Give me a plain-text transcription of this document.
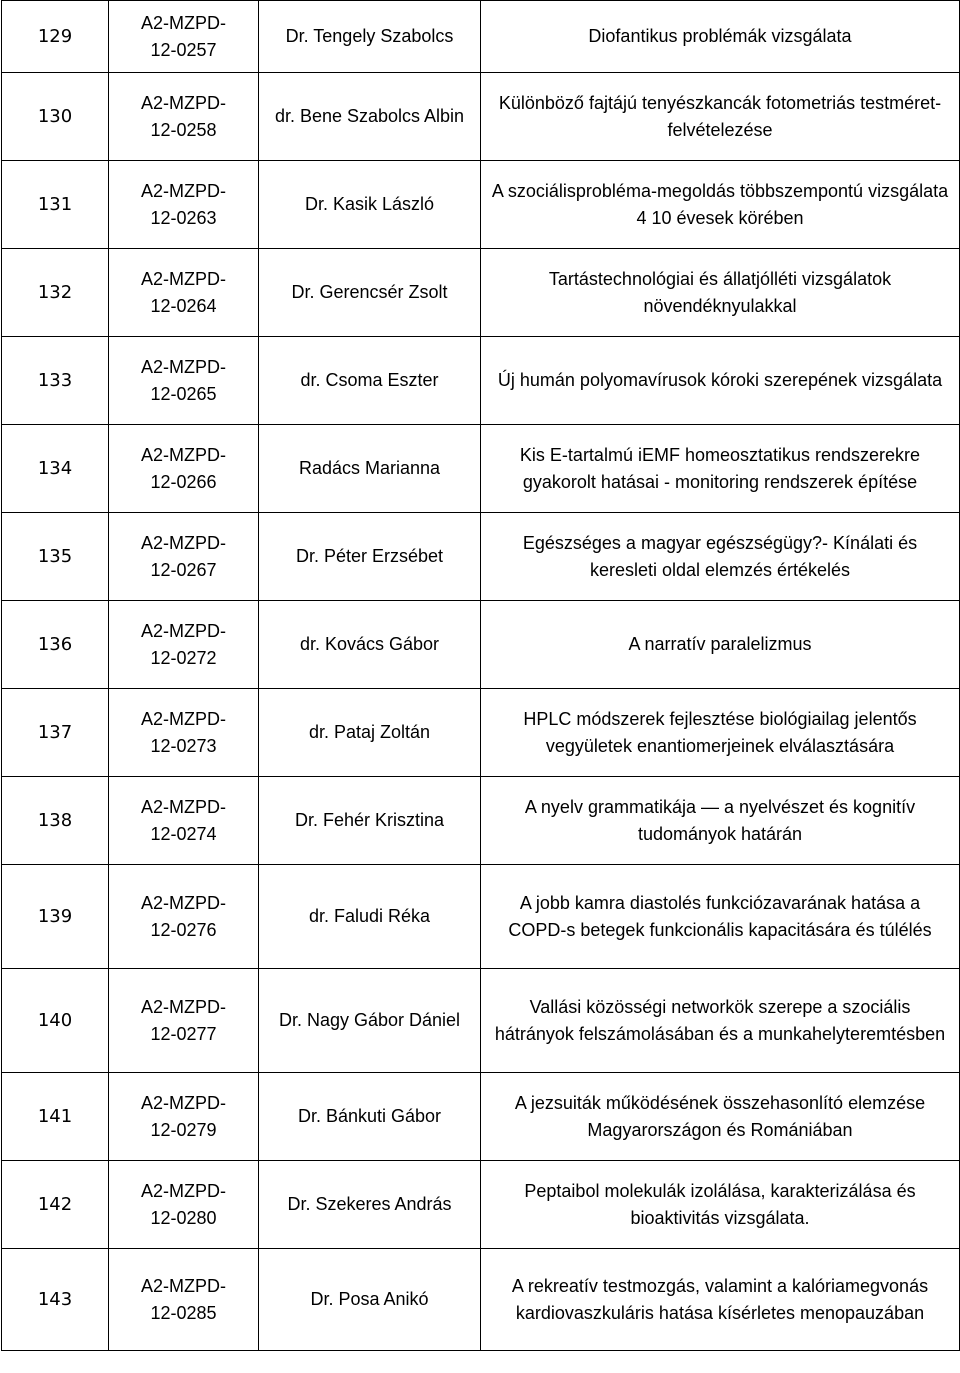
129	A2-MZPD-
12-0257	Dr. Tengely Szabolcs	Diofantikus problémák vizsgálata
130	A2-MZPD-
12-0258	dr. Bene Szabolcs Albin	Különböző fajtájú tenyészkancák fotometriás testméret-felvételezése
131	A2-MZPD-
12-0263	Dr. Kasik László	A szociálisprobléma-megoldás többszempontú vizsgálata 4 10 évesek körében
132	A2-MZPD-
12-0264	Dr. Gerencsér Zsolt	Tartástechnológiai és állatjólléti vizsgálatok növendéknyulakkal
133	A2-MZPD-
12-0265	dr. Csoma Eszter	Új humán polyomavírusok kóroki szerepének vizsgálata
134	A2-MZPD-
12-0266	Radács Marianna	Kis E-tartalmú iEMF homeosztatikus rendszerekre gyakorolt hatásai - monitoring rendszerek építése
135	A2-MZPD-
12-0267	Dr. Péter Erzsébet	Egészséges a magyar egészségügy?- Kínálati és keresleti oldal elemzés értékelés
136	A2-MZPD-
12-0272	dr. Kovács Gábor	A narratív paralelizmus
137	A2-MZPD-
12-0273	dr. Pataj Zoltán	HPLC módszerek fejlesztése biológiailag jelentős vegyületek enantiomerjeinek elválasztására
138	A2-MZPD-
12-0274	Dr. Fehér Krisztina	A nyelv grammatikája — a nyelvészet és kognitív tudományok határán
139	A2-MZPD-
12-0276	dr. Faludi Réka	A jobb kamra diastolés funkciózavarának hatása a COPD-s betegek funkcionális kapacitására és túlélés
140	A2-MZPD-
12-0277	Dr. Nagy Gábor Dániel	Vallási közösségi networkök szerepe a szociális hátrányok felszámolásában és a munkahelyteremtésben
141	A2-MZPD-
12-0279	Dr. Bánkuti Gábor	A jezsuiták működésének összehasonlító elemzése Magyarországon és Romániában
142	A2-MZPD-
12-0280	Dr. Szekeres András	Peptaibol molekulák izolálása, karakterizálása és bioaktivitás vizsgálata.
143	A2-MZPD-
12-0285	Dr. Posa Anikó	A rekreatív testmozgás, valamint a kalóriamegvonás kardiovaszkuláris hatása kísérletes menopauzában
